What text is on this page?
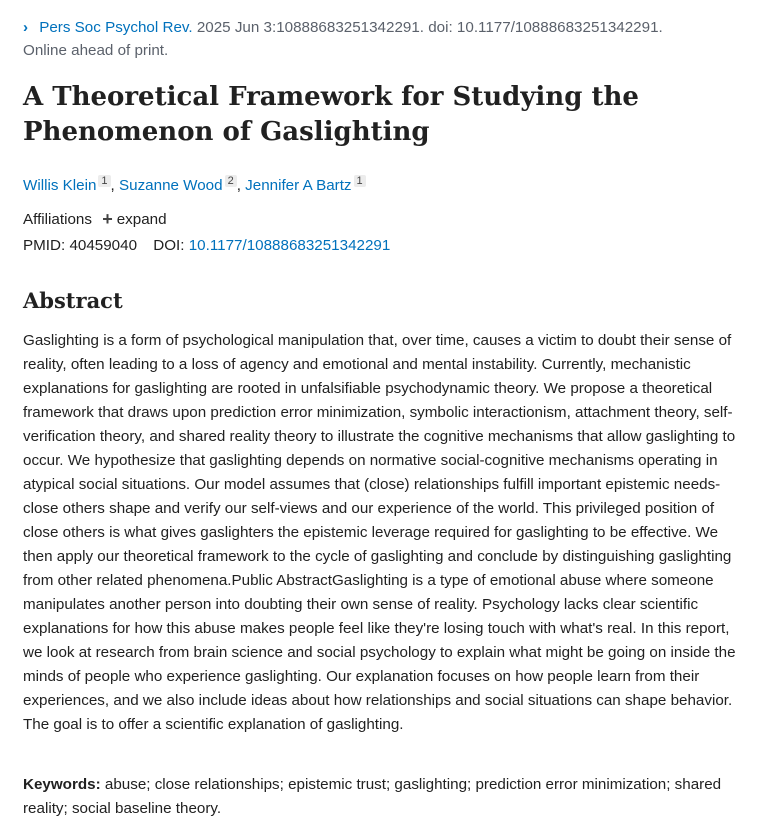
› Pers Soc Psychol Rev. 2025 Jun 3:10888683251342291. doi: 10.1177/10888683251342291.
Online ahead of print.
A Theoretical Framework for Studying the Phenomenon of Gaslighting
Willis Klein $^1$ , Suzanne Wood $^2$ , Jennifer A Bartz $^1$
Affiliations + expand
PMID: 40459040 DOI: 10.1177/10888683251342291
Abstract

Gaslighting is a form of psychological manipulation that, over time, causes a victim to doubt their sense of reality, often leading to a loss of agency and emotional and mental instability. Currently, mechanistic explanations for gaslighting are rooted in unfalsifiable psychodynamic theory. We propose a theoretical framework that draws upon prediction error minimization, symbolic interactionism, attachment theory, self-verification theory, and shared reality theory to illustrate the cognitive mechanisms that allow gaslighting to occur. We hypothesize that gaslighting depends on normative social-cognitive mechanisms operating in atypical social situations. Our model assumes that (close) relationships fulfill important epistemic needs-close others shape and verify our self-views and our experience of the world. This privileged position of close others is what gives gaslighters the epistemic leverage required for gaslighting to be effective. We then apply our theoretical framework to the cycle of gaslighting and conclude by distinguishing gaslighting from other related phenomena.Public AbstractGaslighting is a type of emotional abuse where someone manipulates another person into doubting their own sense of reality. Psychology lacks clear scientific explanations for how this abuse makes people feel like they're losing touch with what's real. In this report, we look at research from brain science and social psychology to explain what might be going on inside the minds of people who experience gaslighting. Our explanation focuses on how people learn from their experiences, and we also include ideas about how relationships and social situations can shape behavior. The goal is to offer a scientific explanation of gaslighting.

Keywords: abuse; close relationships; epistemic trust; gaslighting; prediction error minimization; shared reality; social baseline theory.
